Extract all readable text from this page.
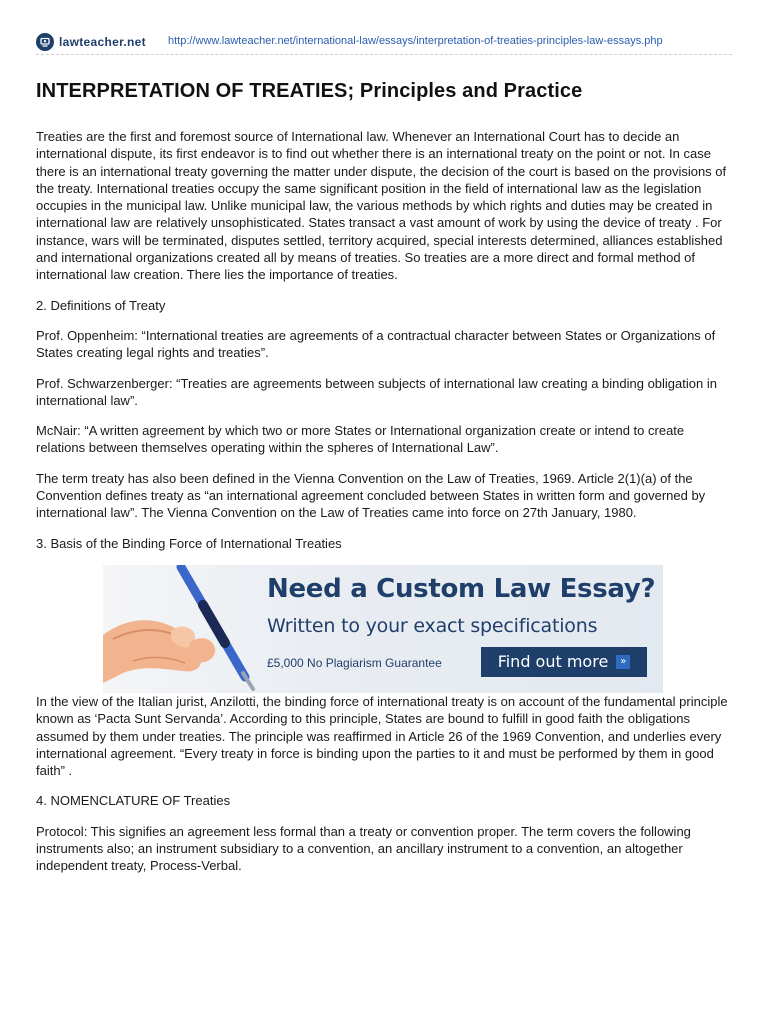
lawteacher.net http://www.lawteacher.net/international-law/essays/interpretation-of-treaties-principles-law-essays.php
INTERPRETATION OF TREATIES; Principles and Practice

Treaties are the first and foremost source of International law. Whenever an International Court has to decide an international dispute, its first endeavor is to find out whether there is an international treaty on the point or not. In case there is an international treaty governing the matter under dispute, the decision of the court is based on the provisions of the treaty. International treaties occupy the same significant position in the field of international law as the legislation occupies in the municipal law. Unlike municipal law, the various methods by which rights and duties may be created in international law are relatively unsophisticated. States transact a vast amount of work by using the device of treaty . For instance, wars will be terminated, disputes settled, territory acquired, special interests determined, alliances established and international organizations created all by means of treaties. So treaties are a more direct and formal method of international law creation. There lies the importance of treaties.

2. Definitions of Treaty

Prof. Oppenheim: “International treaties are agreements of a contractual character between States or Organizations of States creating legal rights and treaties”.

Prof. Schwarzenberger: “Treaties are agreements between subjects of international law creating a binding obligation in international law”.

McNair: “A written agreement by which two or more States or International organization create or intend to create relations between themselves operating within the spheres of International Law”.

The term treaty has also been defined in the Vienna Convention on the Law of Treaties, 1969. Article 2(1)(a) of the Convention defines treaty as “an international agreement concluded between States in written form and governed by international law”. The Vienna Convention on the Law of Treaties came into force on 27th January, 1980.

3. Basis of the Binding Force of International Treaties

Need a Custom Law Essay?
Written to your exact specifications
£5,000 No Plagiarism Guarantee	Find out more	»

In the view of the Italian jurist, Anzilotti, the binding force of international treaty is on account of the fundamental principle known as ‘Pacta Sunt Servanda’. According to this principle, States are bound to fulfill in good faith the obligations assumed by them under treaties. The principle was reaffirmed in Article 26 of the 1969 Convention, and underlies every international agreement. “Every treaty in force is binding upon the parties to it and must be performed by them in good faith” .

4. NOMENCLATURE OF Treaties

Protocol: This signifies an agreement less formal than a treaty or convention proper. The term covers the following instruments also; an instrument subsidiary to a convention, an ancillary instrument to a convention, an altogether independent treaty, Process-Verbal.
